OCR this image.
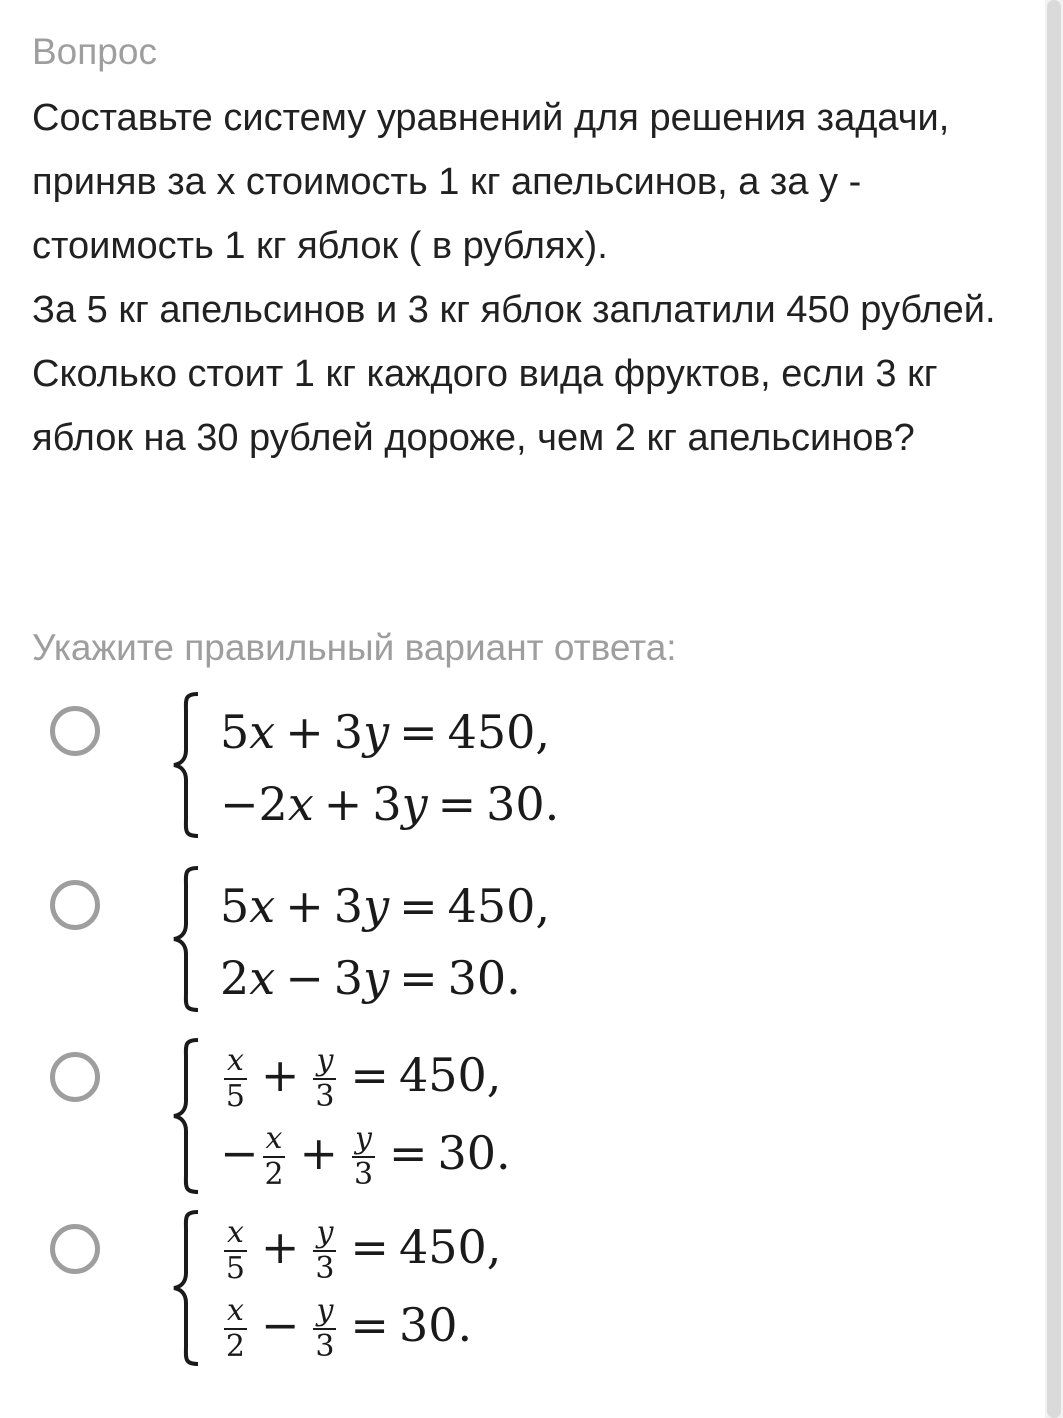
Вопрос

Составьте систему уравнений для решения задачи, приняв за x стоимость 1 кг апельсинов, а за y - стоимость 1 кг яблок ( в рублях).

За 5 кг апельсинов и 3 кг яблок заплатили 450 рублей. Сколько стоит 1 кг каждого вида фруктов, если 3 кг яблок на 30 рублей дороже, чем 2 кг апельсинов?

Укажите правильный вариант ответа:
5x + 3y = 450,
−2x + 3y = 30.
5x + 3y = 450,
2x − 3y = 30.
$\frac{x}{5} + \frac{y}{3} = 450$,
− $\frac{x}{2} + \frac{y}{3} = 30$.
$\frac{x}{5} + \frac{y}{3} = 450$,
$\frac{x}{2} - \frac{y}{3} = 30$.
